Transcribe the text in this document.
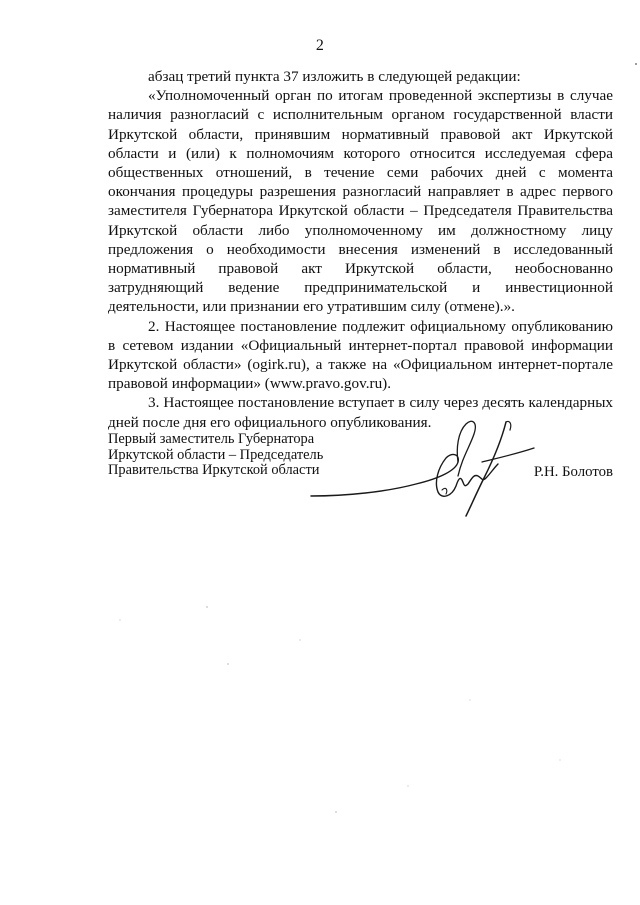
2

абзац третий пункта 37 изложить в следующей редакции:

«Уполномоченный орган по итогам проведенной экспертизы в случае наличия разногласий с исполнительным органом государственной власти Иркутской области, принявшим нормативный правовой акт Иркутской области и (или) к полномочиям которого относится исследуемая сфера общественных отношений, в течение семи рабочих дней с момента окончания процедуры разрешения разногласий направляет в адрес первого заместителя Губернатора Иркутской области – Председателя Правительства Иркутской области либо уполномоченному им должностному лицу предложения о необходимости внесения изменений в исследованный нормативный правовой акт Иркутской области, необоснованно затрудняющий ведение предпринимательской и инвестиционной деятельности, или признании его утратившим силу (отмене).».

2. Настоящее постановление подлежит официальному опубликованию в сетевом издании «Официальный интернет-портал правовой информации Иркутской области» (ogirk.ru), а также на «Официальном интернет-портале правовой информации» (www.pravo.gov.ru).

3. Настоящее постановление вступает в силу через десять календарных дней после дня его официального опубликования.

Первый заместитель Губернатора
Иркутской области – Председатель
Правительства Иркутской области	Р.Н. Болотов
